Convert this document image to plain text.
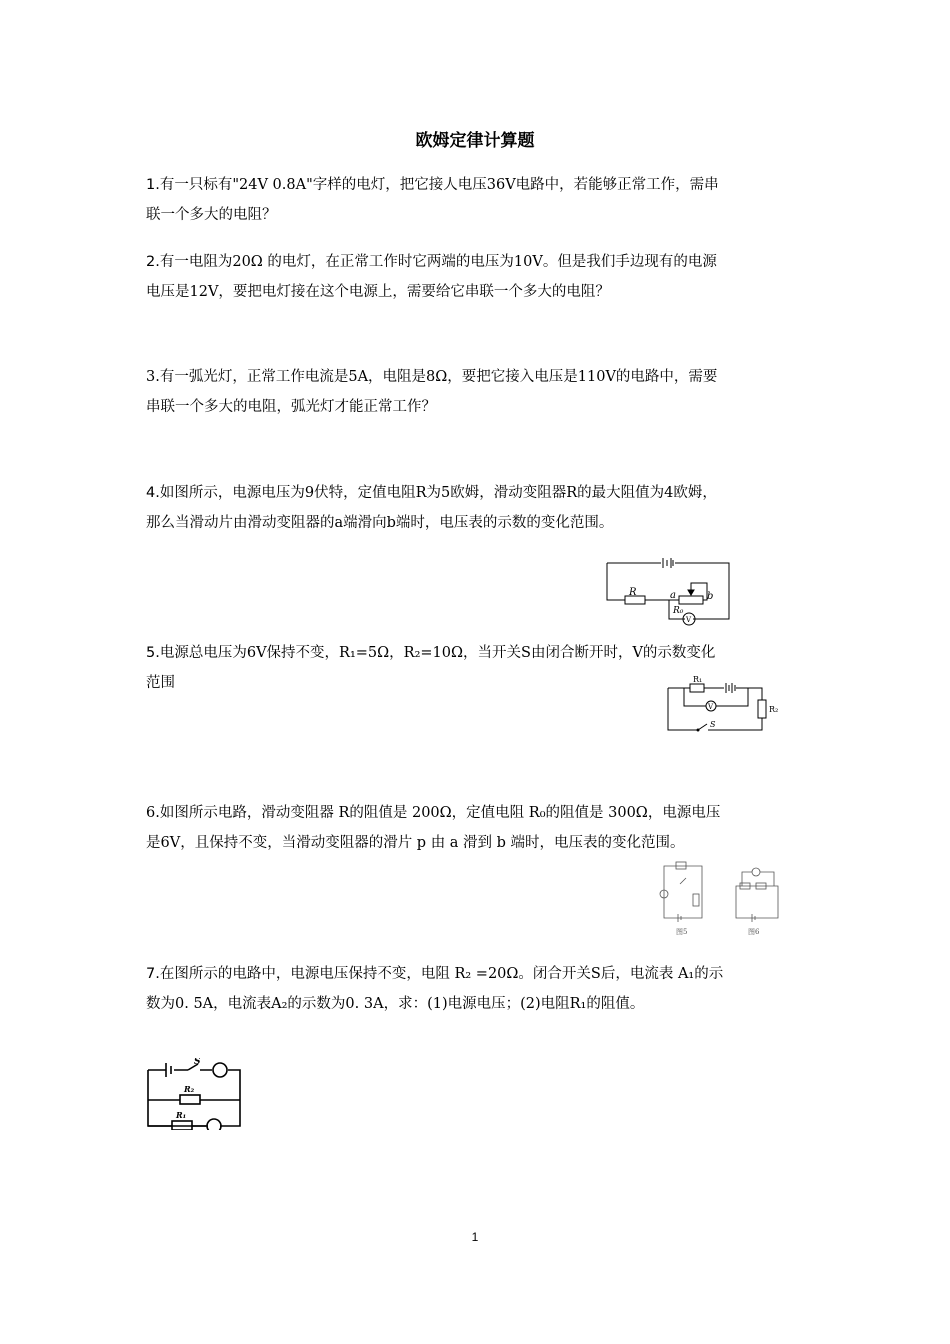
欧姆定律计算题

1.有一只标有"24V 0.8A"字样的电灯，把它接人电压36V电路中，若能够正常工作，需串

联一个多大的电阻？

2.有一电阻为20Ω 的电灯，在正常工作时它两端的电压为10V。但是我们手边现有的电源

电压是12V，要把电灯接在这个电源上，需要给它串联一个多大的电阻？

3.有一弧光灯，正常工作电流是5A，电阻是8Ω，要把它接入电压是110V的电路中，需要

串联一个多大的电阻，弧光灯才能正常工作？

4.如图所示，电源电压为9伏特，定值电阻R为5欧姆，滑动变阻器R的最大阻值为4欧姆，

那么当滑动片由滑动变阻器的a端滑向b端时，电压表的示数的变化范围。

R	a	b
R₀
V

5.电源总电压为6V保持不变，R₁=5Ω，R₂=10Ω，当开关S由闭合断开时，V的示数变化

范围	R₁
R₂
V
S

6.如图所示电路，滑动变阻器 R的阻值是 200Ω，定值电阻 R₀的阻值是 300Ω，电源电压

是6V，且保持不变，当滑动变阻器的滑片 p 由 a 滑到 b 端时，电压表的变化范围。

图5	图6

7.在图所示的电路中，电源电压保持不变，电阻 R₂ =20Ω。闭合开关S后，电流表 A₁的示

数为0. 5A，电流表A₂的示数为0. 3A，求：(1)电源电压；(2)电阻R₁的阻值。

S
R₂
R₁
1
